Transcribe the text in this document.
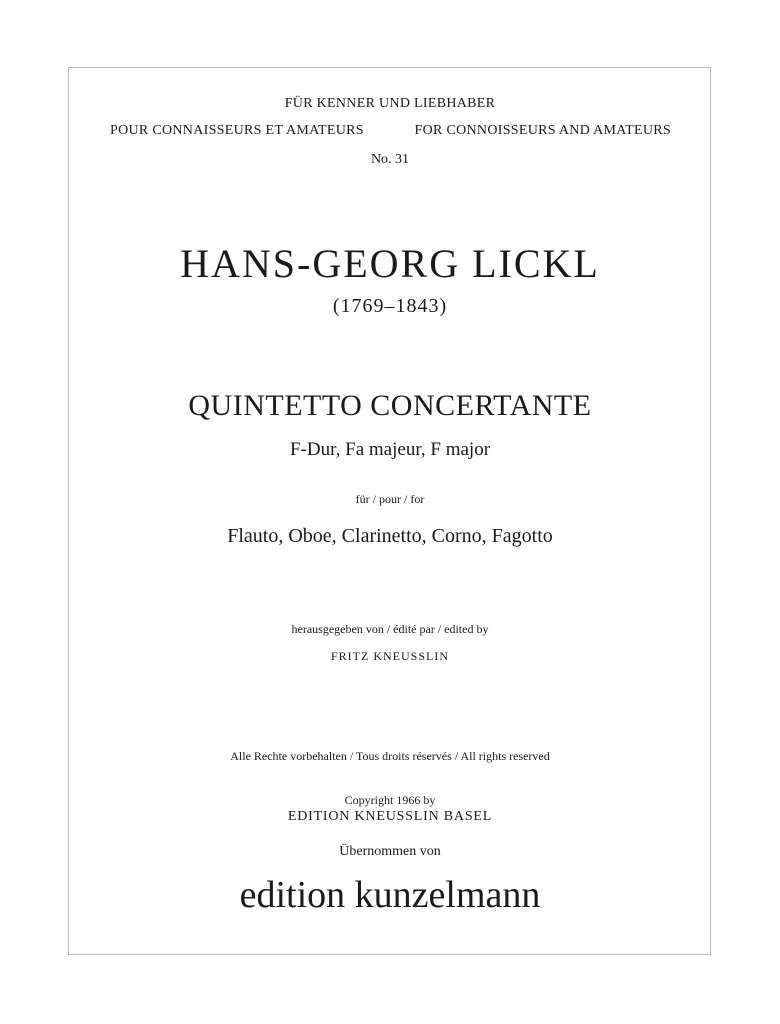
FÜR KENNER UND LIEBHABER
POUR CONNAISSEURS ET AMATEURS	FOR CONNOISSEURS AND AMATEURS
No. 31
HANS-GEORG LICKL
(1769–1843)
QUINTETTO CONCERTANTE
F-Dur, Fa majeur, F major
für / pour / for
Flauto, Oboe, Clarinetto, Corno, Fagotto
herausgegeben von / édité par / edited by
FRITZ KNEUSSLIN
Alle Rechte vorbehalten / Tous droits réservés / All rights reserved
Copyright 1966 by
EDITION KNEUSSLIN BASEL
Übernommen von
edition kunzelmann
